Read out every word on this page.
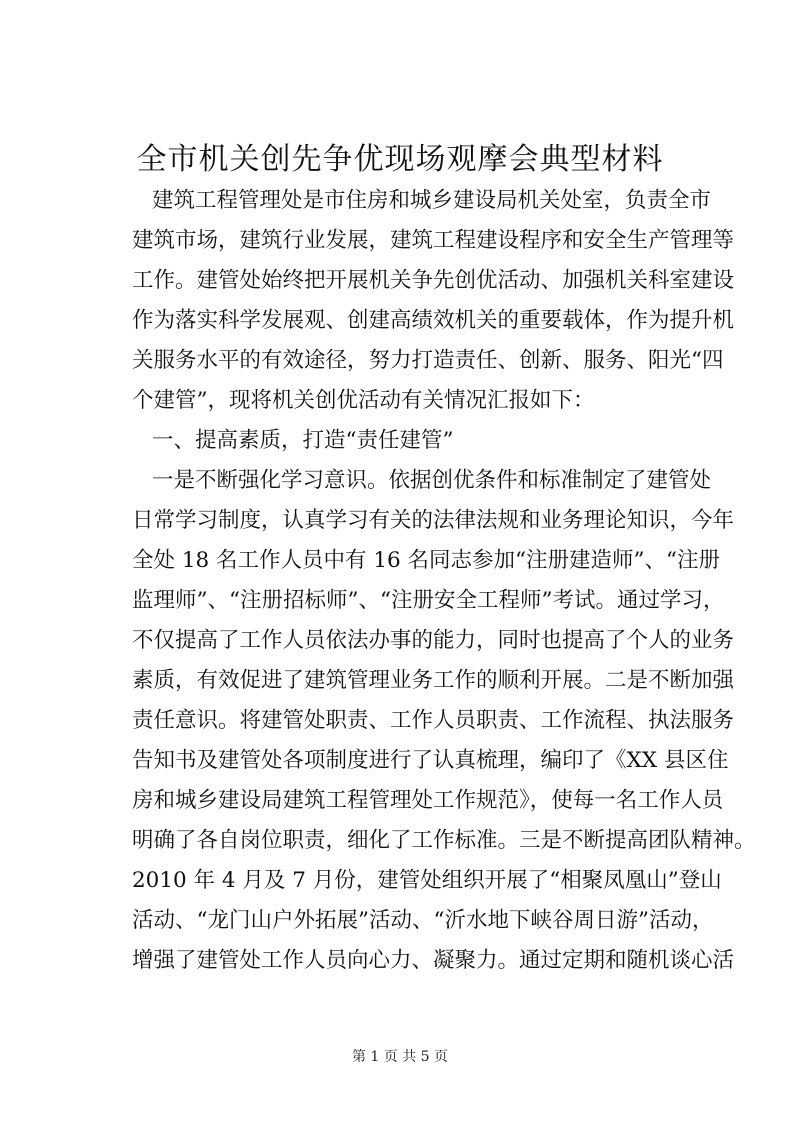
全市机关创先争优现场观摩会典型材料
建筑工程管理处是市住房和城乡建设局机关处室，负责全市
建筑市场，建筑行业发展，建筑工程建设程序和安全生产管理等
工作。建管处始终把开展机关争先创优活动、加强机关科室建设
作为落实科学发展观、创建高绩效机关的重要载体，作为提升机
关服务水平的有效途径，努力打造责任、创新、服务、阳光“四
个建管”，现将机关创优活动有关情况汇报如下：
一、提高素质，打造“责任建管”
一是不断强化学习意识。依据创优条件和标准制定了建管处
日常学习制度，认真学习有关的法律法规和业务理论知识，今年
全处 18 名工作人员中有 16 名同志参加“注册建造师”、“注册
监理师”、“注册招标师”、“注册安全工程师”考试。通过学习，
不仅提高了工作人员依法办事的能力，同时也提高了个人的业务
素质，有效促进了建筑管理业务工作的顺利开展。二是不断加强
责任意识。将建管处职责、工作人员职责、工作流程、执法服务
告知书及建管处各项制度进行了认真梳理，编印了《XX 县区住
房和城乡建设局建筑工程管理处工作规范》，使每一名工作人员
明确了各自岗位职责，细化了工作标准。三是不断提高团队精神。
2010 年 4 月及 7 月份，建管处组织开展了“相聚凤凰山”登山
活动、“龙门山户外拓展”活动、“沂水地下峡谷周日游”活动，
增强了建管处工作人员向心力、凝聚力。通过定期和随机谈心活
第 1 页 共 5 页
